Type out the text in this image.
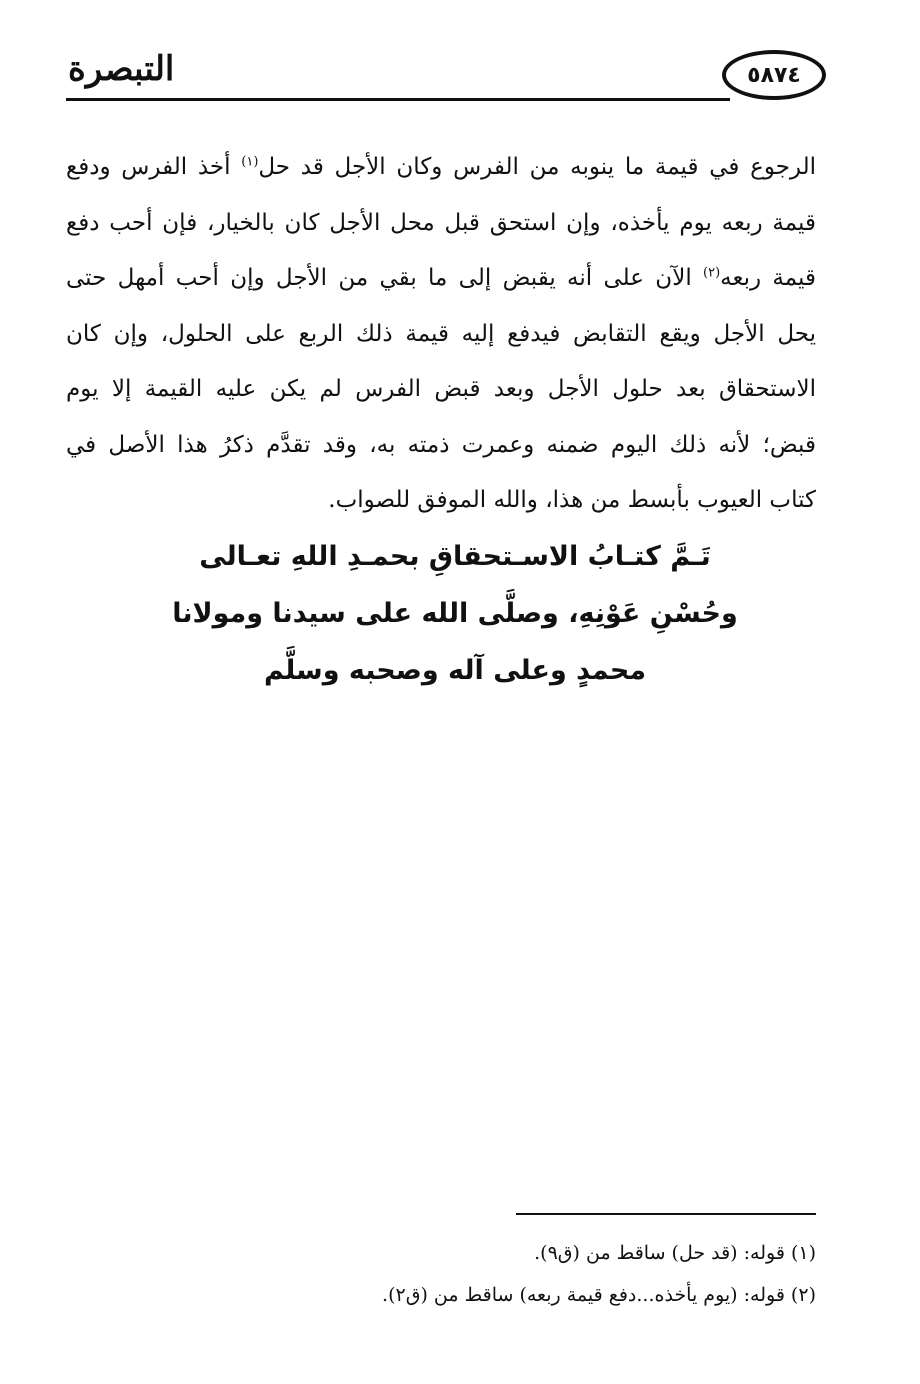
التبصرة	٥٨٧٤
الرجوع في قيمة ما ينوبه من الفرس وكان الأجل قد حل$^{(١)}$ أخذ الفرس ودفع
قيمة ربعه يوم يأخذه، وإن استحق قبل محل الأجل كان بالخيار، فإن أحب دفع
قيمة ربعه$^{(٢)}$ الآن على أنه يقبض إلى ما بقي من الأجل وإن أحب أمهل حتى
يحل الأجل ويقع التقابض فيدفع إليه قيمة ذلك الربع على الحلول، وإن كان
الاستحقاق بعد حلول الأجل وبعد قبض الفرس لم يكن عليه القيمة إلا يوم
قبض؛ لأنه ذلك اليوم ضمنه وعمرت ذمته به، وقد تقدَّم ذكرُ هذا الأصل في
كتاب العيوب بأبسط من هذا، والله الموفق للصواب.
تَـمَّ كتـابُ الاسـتحقاقِ بحمـدِ اللهِ تعـالى
وحُسْنِ عَوْنِهِ، وصلَّى الله على سيدنا ومولانا
محمدٍ وعلى آله وصحبه وسلَّم
(١) قوله: (قد حل) ساقط من (ق٩).
(٢) قوله: (يوم يأخذه...دفع قيمة ربعه) ساقط من (ق٢).
